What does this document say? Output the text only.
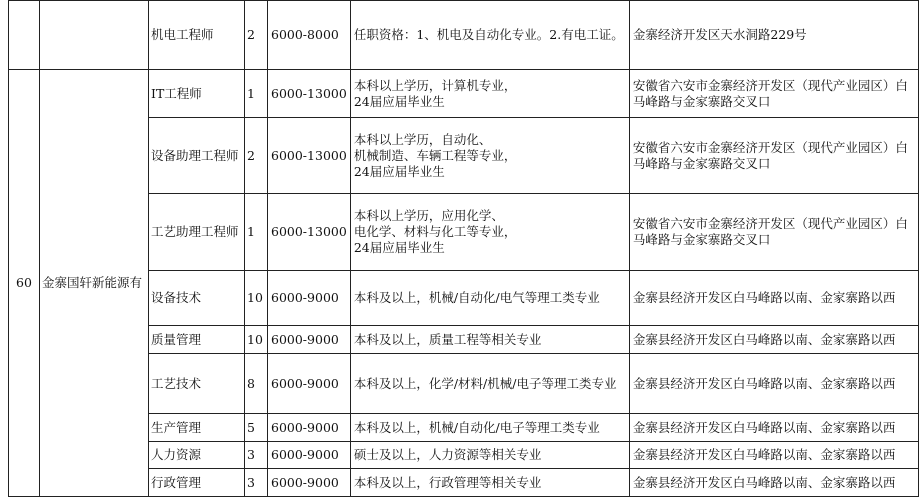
		机电工程师	2	6000-8000	任职资格：1、机电及自动化专业。2.有电工证。	金寨经济开发区天水洞路229号
60	金寨国轩新能源有	IT工程师	1	6000-13000	本科以上学历，计算机专业，
24届应届毕业生	安徽省六安市金寨经济开发区（现代产业园区）白马峰路与金家寨路交叉口
		设备助理工程师	2	6000-13000	本科以上学历，自动化、
机械制造、车辆工程等专业，
24届应届毕业生	安徽省六安市金寨经济开发区（现代产业园区）白马峰路与金家寨路交叉口
		工艺助理工程师	1	6000-13000	本科以上学历，应用化学、
电化学、材料与化工等专业，
24届应届毕业生	安徽省六安市金寨经济开发区（现代产业园区）白马峰路与金家寨路交叉口
		设备技术	10	6000-9000	本科及以上，机械/自动化/电气等理工类专业	金寨县经济开发区白马峰路以南、金家寨路以西
		质量管理	10	6000-9000	本科及以上，质量工程等相关专业	金寨县经济开发区白马峰路以南、金家寨路以西
		工艺技术	8	6000-9000	本科及以上，化学/材料/机械/电子等理工类专业	金寨县经济开发区白马峰路以南、金家寨路以西
		生产管理	5	6000-9000	本科及以上，机械/自动化/电子等理工类专业	金寨县经济开发区白马峰路以南、金家寨路以西
		人力资源	3	6000-9000	硕士及以上，人力资源等相关专业	金寨县经济开发区白马峰路以南、金家寨路以西
		行政管理	3	6000-9000	本科及以上，行政管理等相关专业	金寨县经济开发区白马峰路以南、金家寨路以西
